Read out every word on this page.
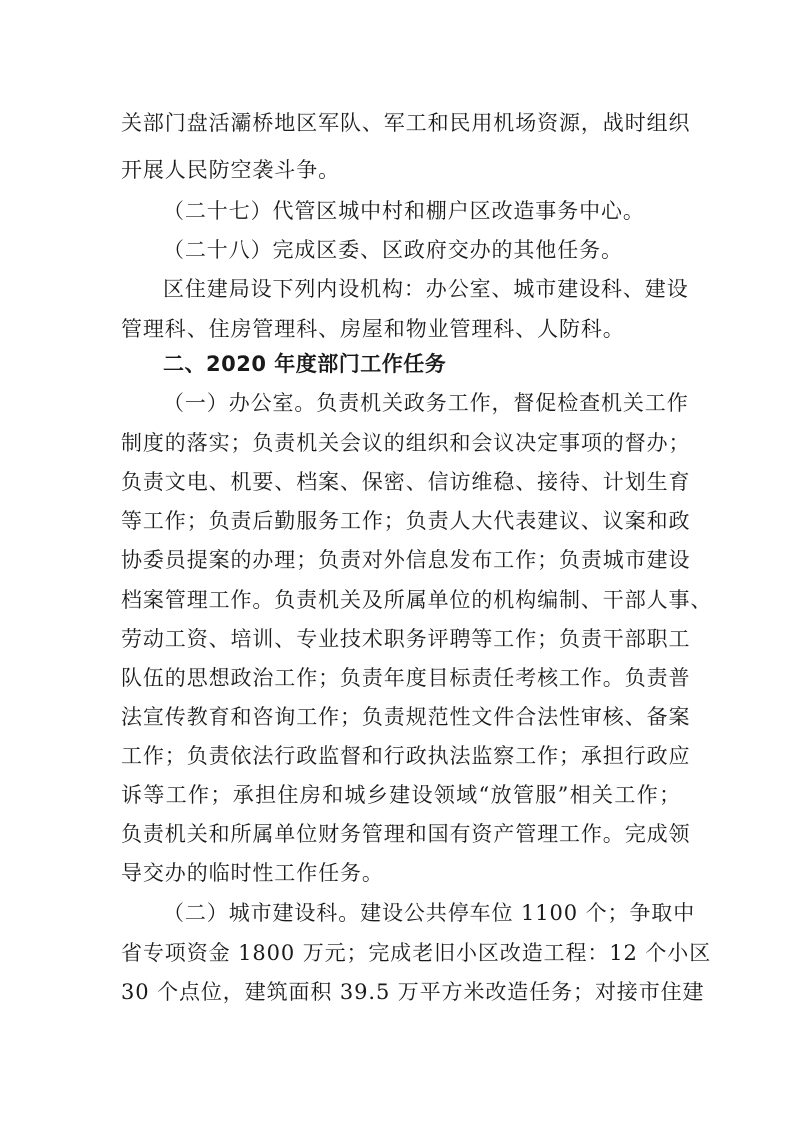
关部门盘活灞桥地区军队、军工和民用机场资源，战时组织
开展人民防空袭斗争。
（二十七）代管区城中村和棚户区改造事务中心。
（二十八）完成区委、区政府交办的其他任务。
区住建局设下列内设机构：办公室、城市建设科、建设
管理科、住房管理科、房屋和物业管理科、人防科。
二、2020 年度部门工作任务
（一）办公室。负责机关政务工作，督促检查机关工作
制度的落实；负责机关会议的组织和会议决定事项的督办；
负责文电、机要、档案、保密、信访维稳、接待、计划生育
等工作；负责后勤服务工作；负责人大代表建议、议案和政
协委员提案的办理；负责对外信息发布工作；负责城市建设
档案管理工作。负责机关及所属单位的机构编制、干部人事、
劳动工资、培训、专业技术职务评聘等工作；负责干部职工
队伍的思想政治工作；负责年度目标责任考核工作。负责普
法宣传教育和咨询工作；负责规范性文件合法性审核、备案
工作；负责依法行政监督和行政执法监察工作；承担行政应
诉等工作；承担住房和城乡建设领域“放管服”相关工作；
负责机关和所属单位财务管理和国有资产管理工作。完成领
导交办的临时性工作任务。
（二）城市建设科。建设公共停车位 1100 个；争取中
省专项资金 1800 万元；完成老旧小区改造工程：12 个小区
30 个点位，建筑面积 39.5 万平方米改造任务；对接市住建
